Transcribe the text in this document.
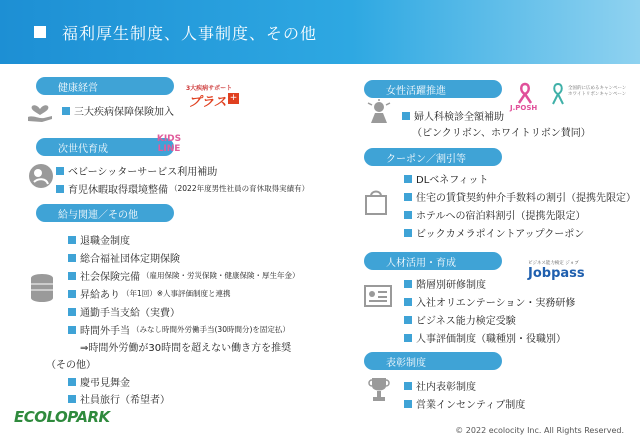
福利厚生制度、人事制度、その他
健康経営
三大疾病保障保険加入
3大疾病サポート
プラス +
次世代育成
KIDS LINE
ベビーシッターサービス利用補助
育児休暇取得環境整備 （2022年度男性社員の育休取得実績有）
給与関連／その他
退職金制度
総合福祉団体定期保険
社会保険完備 （雇用保険・労災保険・健康保険・厚生年金）
昇給あり （年1回）※人事評価制度と連携
通勤手当支給（実費）
時間外手当 （みなし時間外労働手当(30時間分)を固定払）
⇒時間外労働が30時間を超えない働き方を推奨
（その他）
慶弔見舞金
社員旅行（希望者）
ECOLOPARK
女性活躍推進
婦人科検診全額補助
（ピンクリボン、ホワイトリボン賛同）
J.POSH
全国的に広めるキャンペーン ホワイトリボンキャンペーン
クーポン／割引等
DLベネフィット
住宅の賃貸契約仲介手数料の割引（提携先限定）
ホテルへの宿泊料割引（提携先限定）
ビックカメラポイントアップクーポン
人材活用・育成
階層別研修制度
入社オリエンテーション・実務研修
ビジネス能力検定受験
人事評価制度（職種別・役職別）
ビジネス能力検定 ジョブ
Jobpass
表彰制度
社内表彰制度
営業インセンティブ制度
© 2022 ecolocity Inc. All Rights Reserved.
